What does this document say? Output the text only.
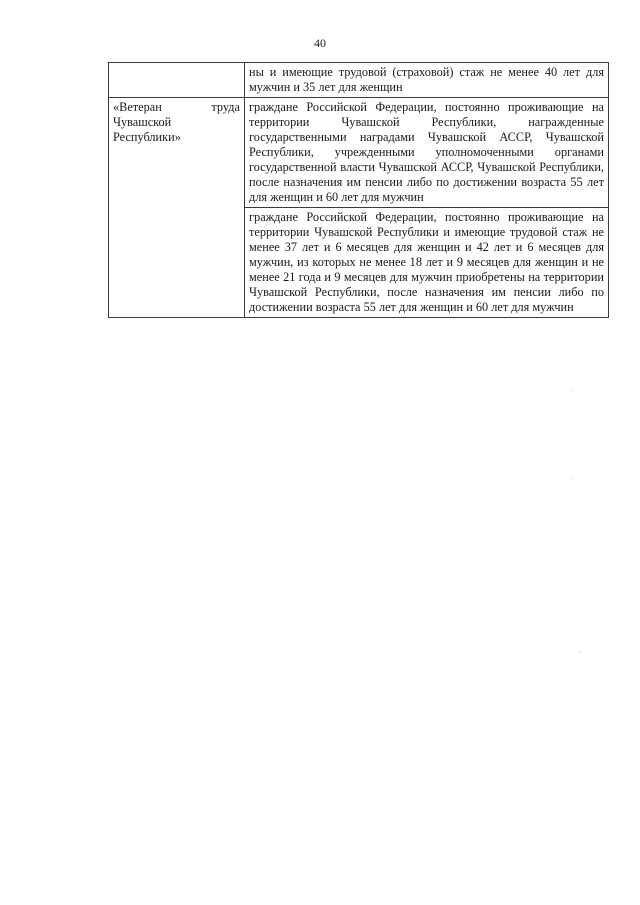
40

	ны и имеющие трудовой (страховой) стаж не менее 40 лет для мужчин и 35 лет для женщин

«Ветеран труда Чувашской Республики»	граждане Российской Федерации, постоянно проживающие на территории Чувашской Республики, награжденные государственными наградами Чувашской АССР, Чувашской Республики, учрежденными уполномоченными органами государственной власти Чувашской АССР, Чувашской Республики, после назначения им пенсии либо по достижении возраста 55 лет для женщин и 60 лет для мужчин

	граждане Российской Федерации, постоянно проживающие на территории Чувашской Республики и имеющие трудовой стаж не менее 37 лет и 6 месяцев для женщин и 42 лет и 6 месяцев для мужчин, из которых не менее 18 лет и 9 месяцев для женщин и не менее 21 года и 9 месяцев для мужчин приобретены на территории Чувашской Республики, после назначения им пенсии либо по достижении возраста 55 лет для женщин и 60 лет для мужчин
